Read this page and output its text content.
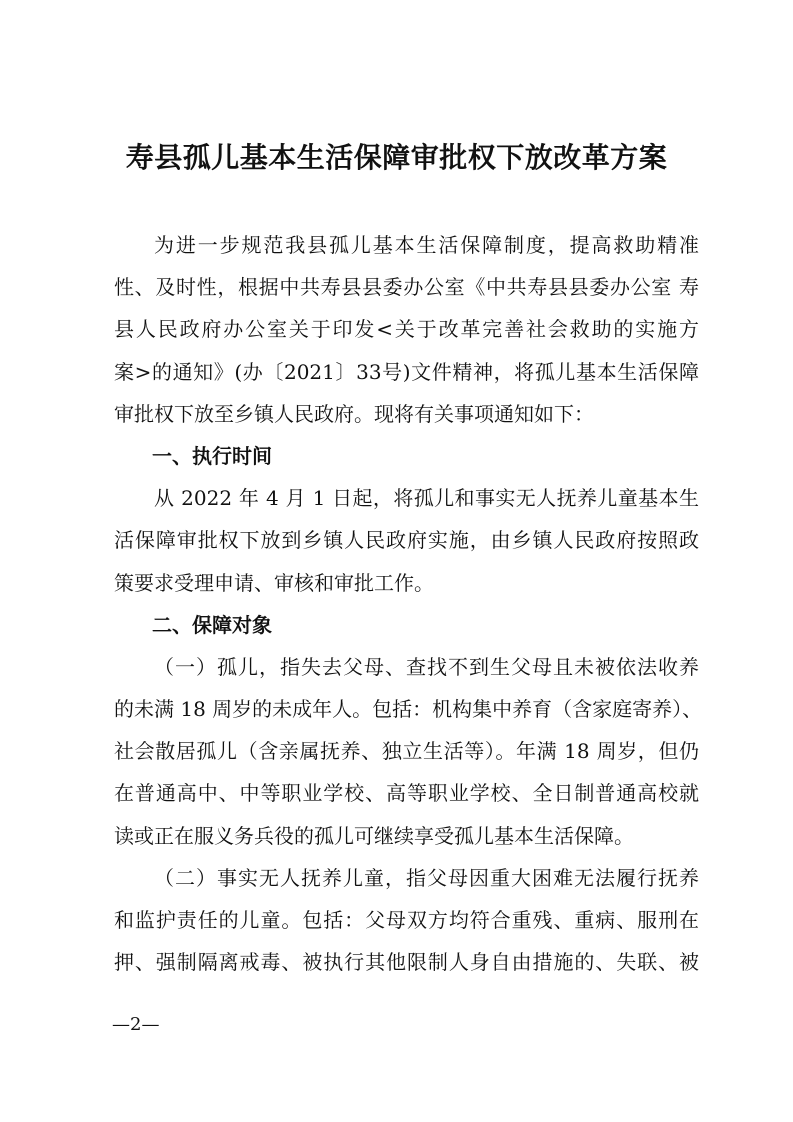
寿县孤儿基本生活保障审批权下放改革方案
为进一步规范我县孤儿基本生活保障制度，提高救助精准
性、及时性，根据中共寿县县委办公室《中共寿县县委办公室 寿
县人民政府办公室关于印发<关于改革完善社会救助的实施方
案>的通知》(办〔2021〕33号)文件精神，将孤儿基本生活保障
审批权下放至乡镇人民政府。现将有关事项通知如下：
一、执行时间
从 2022 年 4 月 1 日起，将孤儿和事实无人抚养儿童基本生
活保障审批权下放到乡镇人民政府实施，由乡镇人民政府按照政
策要求受理申请、审核和审批工作。
二、保障对象
（一）孤儿，指失去父母、查找不到生父母且未被依法收养
的未满 18 周岁的未成年人。包括：机构集中养育（含家庭寄养）、
社会散居孤儿（含亲属抚养、独立生活等）。年满 18 周岁，但仍
在普通高中、中等职业学校、高等职业学校、全日制普通高校就
读或正在服义务兵役的孤儿可继续享受孤儿基本生活保障。
（二）事实无人抚养儿童，指父母因重大困难无法履行抚养
和监护责任的儿童。包括：父母双方均符合重残、重病、服刑在
押、强制隔离戒毒、被执行其他限制人身自由措施的、失联、被
—2—
